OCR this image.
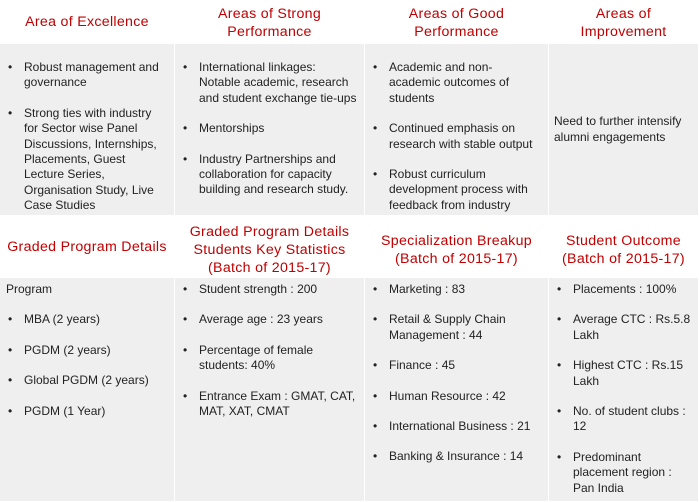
Area of Excellence	Areas of Strong Performance
Areas of Good Performance
Areas of Improvement
• Robust management and governance
• Strong ties with industry for Sector wise Panel Discussions, Internships, Placements, Guest Lecture Series, Organisation Study, Live Case Studies
• International linkages: Notable academic, research and student exchange tie-ups
• Mentorships
• Industry Partnerships and collaboration for capacity building and research study.
• Academic and non-academic outcomes of students
• Continued emphasis on research with stable output
• Robust curriculum development process with feedback from industry
Need to further intensify alumni engagements
Graded Program Details
Graded Program Details Students Key Statistics (Batch of 2015-17)
Specialization Breakup (Batch of 2015-17)
Student Outcome (Batch of 2015-17)
Program
• MBA (2 years)
• PGDM (2 years)
• Global PGDM (2 years)
• PGDM (1 Year)
• Student strength : 200
• Average age : 23 years
• Percentage of female students: 40%
• Entrance Exam : GMAT, CAT, MAT, XAT, CMAT
• Marketing : 83
• Retail & Supply Chain Management : 44
• Finance : 45
• Human Resource : 42
• International Business : 21
• Banking & Insurance : 14
• Placements : 100%
• Average CTC : Rs.5.8 Lakh
• Highest CTC : Rs.15 Lakh
• No. of student clubs : 12
• Predominant placement region : Pan India
